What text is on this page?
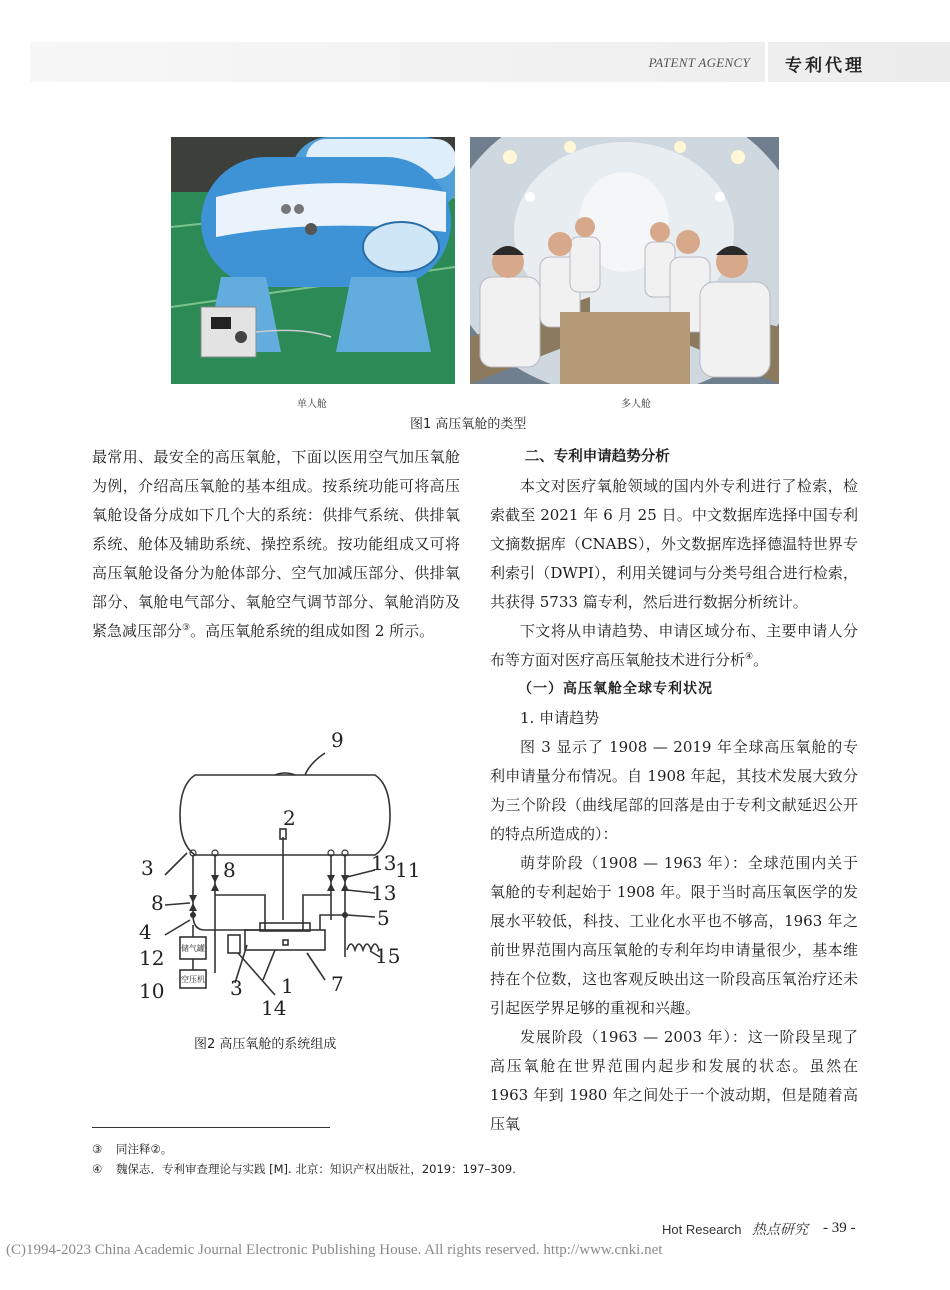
PATENT AGENCY 专利代理
单人舱	多人舱
图1 高压氧舱的类型

最常用、最安全的高压氧舱，下面以医用空气加压氧舱为例，介绍高压氧舱的基本组成。按系统功能可将高压氧舱设备分成如下几个大的系统：供排气系统、供排氧系统、舱体及辅助系统、操控系统。按功能组成又可将高压氧舱设备分为舱体部分、空气加减压部分、供排氧部分、氧舱电气部分、氧舱空气调节部分、氧舱消防及紧急减压部分③。高压氧舱系统的组成如图 2 所示。

9
2
3	8	13
11
8	13
4
5
12	15
10	3 1 7
14
储气罐
空压机
图2 高压氧舱的系统组成

二、专利申请趋势分析

本文对医疗氧舱领域的国内外专利进行了检索，检索截至 2021 年 6 月 25 日。中文数据库选择中国专利文摘数据库（CNABS），外文数据库选择德温特世界专利索引（DWPI），利用关键词与分类号组合进行检索，共获得 5733 篇专利，然后进行数据分析统计。

下文将从申请趋势、申请区域分布、主要申请人分布等方面对医疗高压氧舱技术进行分析④。

（一）高压氧舱全球专利状况

1. 申请趋势

图 3 显示了 1908 — 2019 年全球高压氧舱的专利申请量分布情况。自 1908 年起，其技术发展大致分为三个阶段（曲线尾部的回落是由于专利文献延迟公开的特点所造成的）：

萌芽阶段（1908 — 1963 年）：全球范围内关于氧舱的专利起始于 1908 年。限于当时高压氧医学的发展水平较低，科技、工业化水平也不够高，1963 年之前世界范围内高压氧舱的专利年均申请量很少，基本维持在个位数，这也客观反映出这一阶段高压氧治疗还未引起医学界足够的重视和兴趣。

发展阶段（1963 — 2003 年）：这一阶段呈现了高压氧舱在世界范围内起步和发展的状态。虽然在 1963 年到 1980 年之间处于一个波动期，但是随着高压氧

③ 同注释②。
④ 魏保志．专利审查理论与实践 [M]. 北京：知识产权出版社，2019：197–309.
Hot Research 热点研究 - 39 -
(C)1994-2023 China Academic Journal Electronic Publishing House. All rights reserved. http://www.cnki.net
